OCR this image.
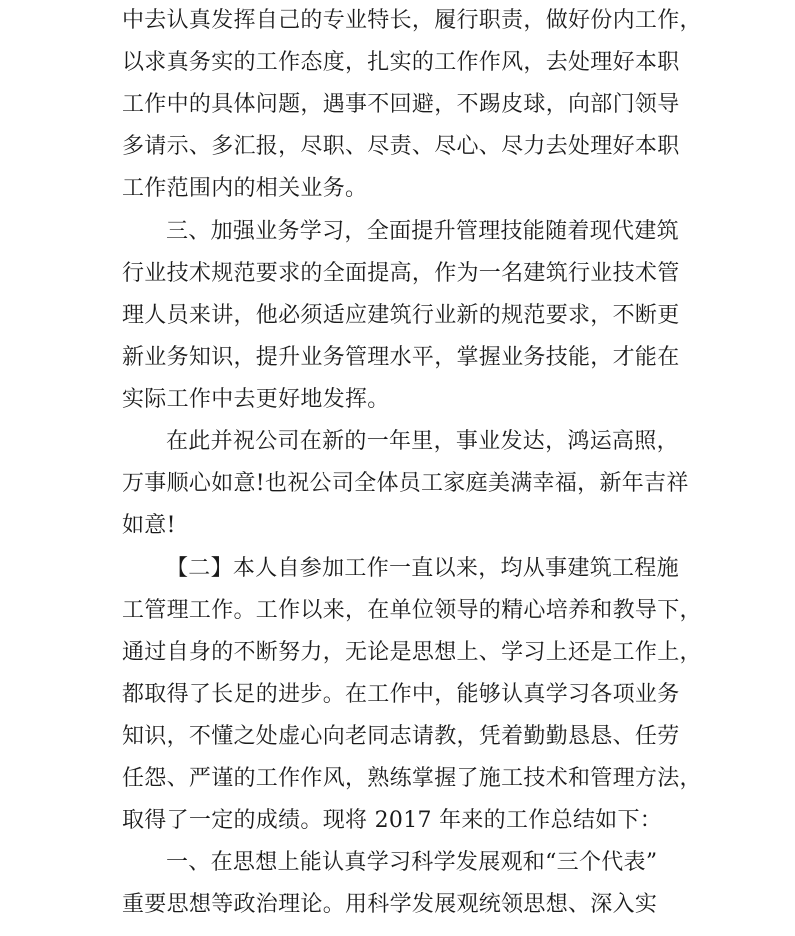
中去认真发挥自己的专业特长，履行职责，做好份内工作，
以求真务实的工作态度，扎实的工作作风，去处理好本职
工作中的具体问题，遇事不回避，不踢皮球，向部门领导
多请示、多汇报，尽职、尽责、尽心、尽力去处理好本职
工作范围内的相关业务。
三、加强业务学习，全面提升管理技能随着现代建筑
行业技术规范要求的全面提高，作为一名建筑行业技术管
理人员来讲，他必须适应建筑行业新的规范要求，不断更
新业务知识，提升业务管理水平，掌握业务技能，才能在
实际工作中去更好地发挥。
在此并祝公司在新的一年里，事业发达，鸿运高照，
万事顺心如意!也祝公司全体员工家庭美满幸福，新年吉祥
如意!
【二】本人自参加工作一直以来，均从事建筑工程施
工管理工作。工作以来，在单位领导的精心培养和教导下，
通过自身的不断努力，无论是思想上、学习上还是工作上，
都取得了长足的进步。在工作中，能够认真学习各项业务
知识，不懂之处虚心向老同志请教，凭着勤勤恳恳、任劳
任怨、严谨的工作作风，熟练掌握了施工技术和管理方法，
取得了一定的成绩。现将 2017 年来的工作总结如下：
一、在思想上能认真学习科学发展观和“三个代表”
重要思想等政治理论。用科学发展观统领思想、深入实
